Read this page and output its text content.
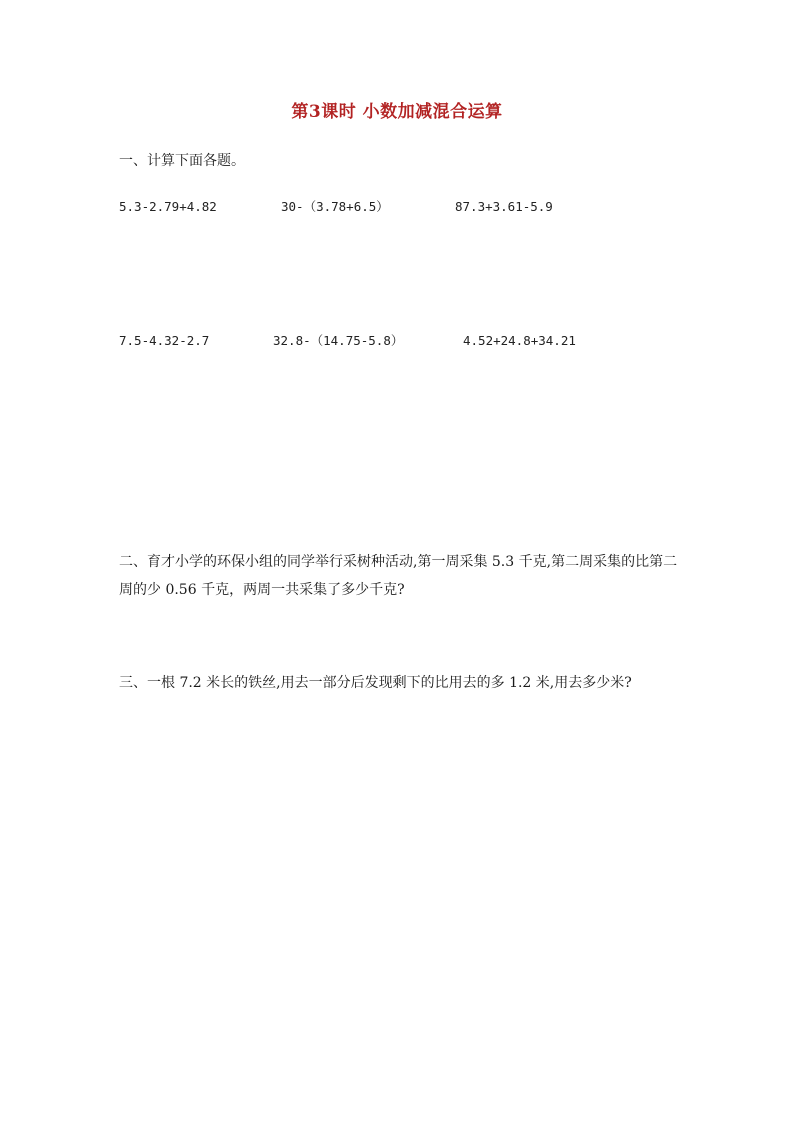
第3课时 小数加减混合运算
一、计算下面各题。
5.3-2.79+4.82	30-（3.78+6.5）	87.3+3.61-5.9
7.5-4.32-2.7	32.8-（14.75-5.8）	4.52+24.8+34.21
二、育才小学的环保小组的同学举行采树种活动,第一周采集 5.3 千克,第二周采集的比第二
周的少 0.56 千克，两周一共采集了多少千克?
三、一根 7.2 米长的铁丝,用去一部分后发现剩下的比用去的多 1.2 米,用去多少米?
